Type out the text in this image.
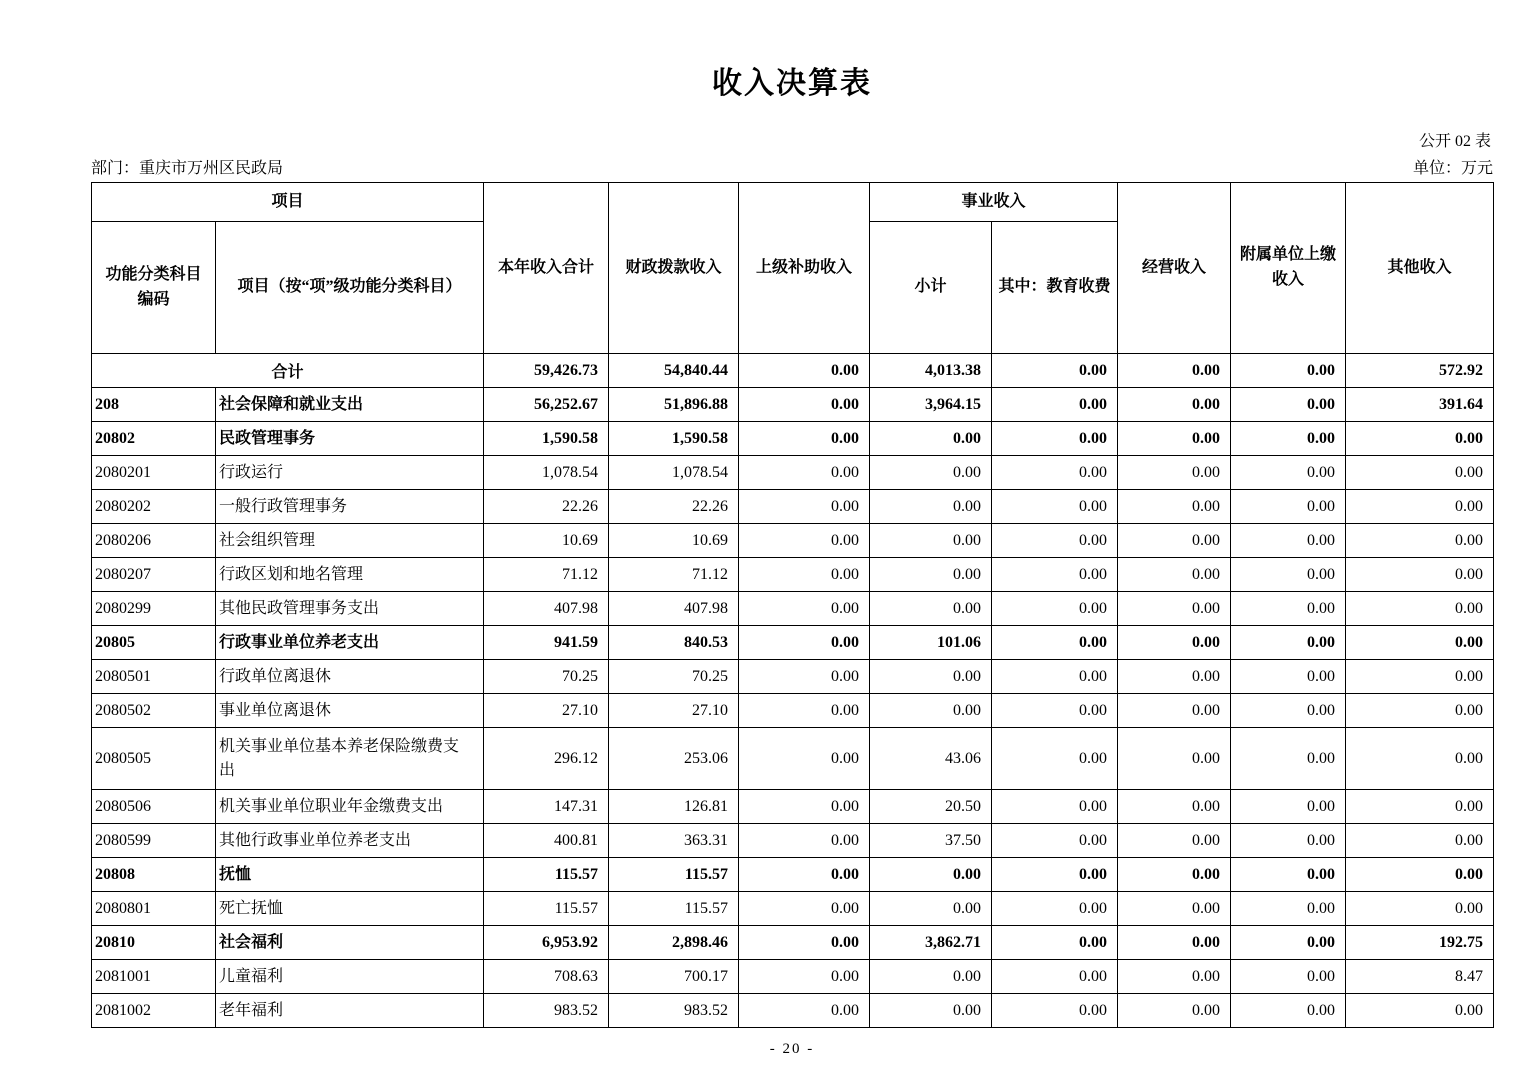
收入决算表
公开 02 表
部门：重庆市万州区民政局	单位：万元
项目		本年收入合计	财政拨款收入	上级补助收入	事业收入		经营收入	附属单位上缴收入	其他收入
功能分类科目编码	项目（按“项”级功能分类科目）				小计	其中：教育收费			
合计		59,426.73	54,840.44	0.00	4,013.38	0.00	0.00	0.00	572.92
208	社会保障和就业支出	56,252.67	51,896.88	0.00	3,964.15	0.00	0.00	0.00	391.64
20802	民政管理事务	1,590.58	1,590.58	0.00	0.00	0.00	0.00	0.00	0.00
2080201	行政运行	1,078.54	1,078.54	0.00	0.00	0.00	0.00	0.00	0.00
2080202	一般行政管理事务	22.26	22.26	0.00	0.00	0.00	0.00	0.00	0.00
2080206	社会组织管理	10.69	10.69	0.00	0.00	0.00	0.00	0.00	0.00
2080207	行政区划和地名管理	71.12	71.12	0.00	0.00	0.00	0.00	0.00	0.00
2080299	其他民政管理事务支出	407.98	407.98	0.00	0.00	0.00	0.00	0.00	0.00
20805	行政事业单位养老支出	941.59	840.53	0.00	101.06	0.00	0.00	0.00	0.00
2080501	行政单位离退休	70.25	70.25	0.00	0.00	0.00	0.00	0.00	0.00
2080502	事业单位离退休	27.10	27.10	0.00	0.00	0.00	0.00	0.00	0.00
2080505	机关事业单位基本养老保险缴费支出	296.12	253.06	0.00	43.06	0.00	0.00	0.00	0.00
2080506	机关事业单位职业年金缴费支出	147.31	126.81	0.00	20.50	0.00	0.00	0.00	0.00
2080599	其他行政事业单位养老支出	400.81	363.31	0.00	37.50	0.00	0.00	0.00	0.00
20808	抚恤	115.57	115.57	0.00	0.00	0.00	0.00	0.00	0.00
2080801	死亡抚恤	115.57	115.57	0.00	0.00	0.00	0.00	0.00	0.00
20810	社会福利	6,953.92	2,898.46	0.00	3,862.71	0.00	0.00	0.00	192.75
2081001	儿童福利	708.63	700.17	0.00	0.00	0.00	0.00	0.00	8.47
2081002	老年福利	983.52	983.52	0.00	0.00	0.00	0.00	0.00	0.00
- 20 -
